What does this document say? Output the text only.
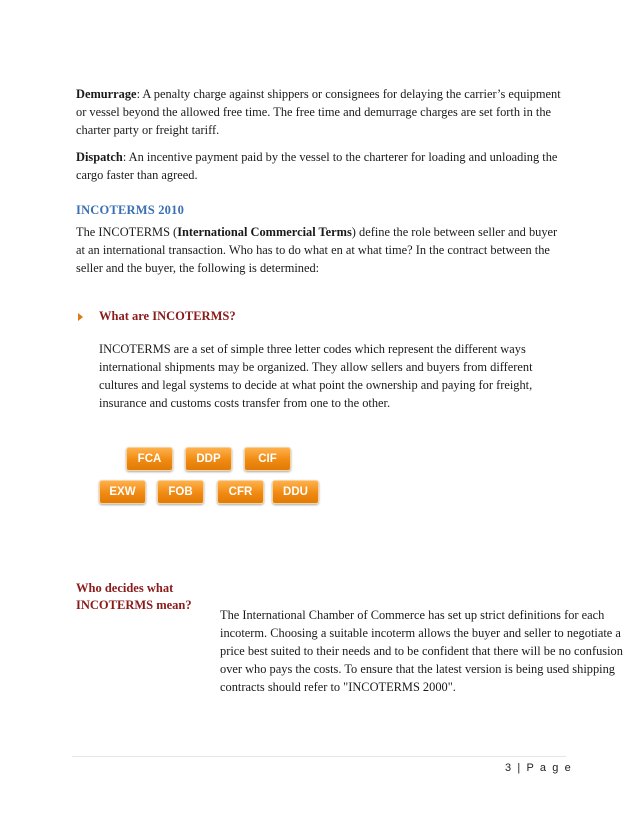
Demurrage: A penalty charge against shippers or consignees for delaying the carrier’s equipment or vessel beyond the allowed free time. The free time and demurrage charges are set forth in the charter party or freight tariff.

Dispatch: An incentive payment paid by the vessel to the charterer for loading and unloading the cargo faster than agreed.

INCOTERMS 2010

The INCOTERMS (International Commercial Terms) define the role between seller and buyer at an international transaction. Who has to do what en at what time? In the contract between the seller and the buyer, the following is determined:

What are INCOTERMS?

INCOTERMS are a set of simple three letter codes which represent the different ways international shipments may be organized. They allow sellers and buyers from different cultures and legal systems to decide at what point the ownership and paying for freight, insurance and customs costs transfer from one to the other.

FCA	DDP	CIF
EXW	FOB	CFR	DDU
Who decides what INCOTERMS mean?

The International Chamber of Commerce has set up strict definitions for each incoterm. Choosing a suitable incoterm allows the buyer and seller to negotiate a price best suited to their needs and to be confident that there will be no confusion over who pays the costs. To ensure that the latest version is being used shipping contracts should refer to "INCOTERMS 2000".

3 | P a g e
